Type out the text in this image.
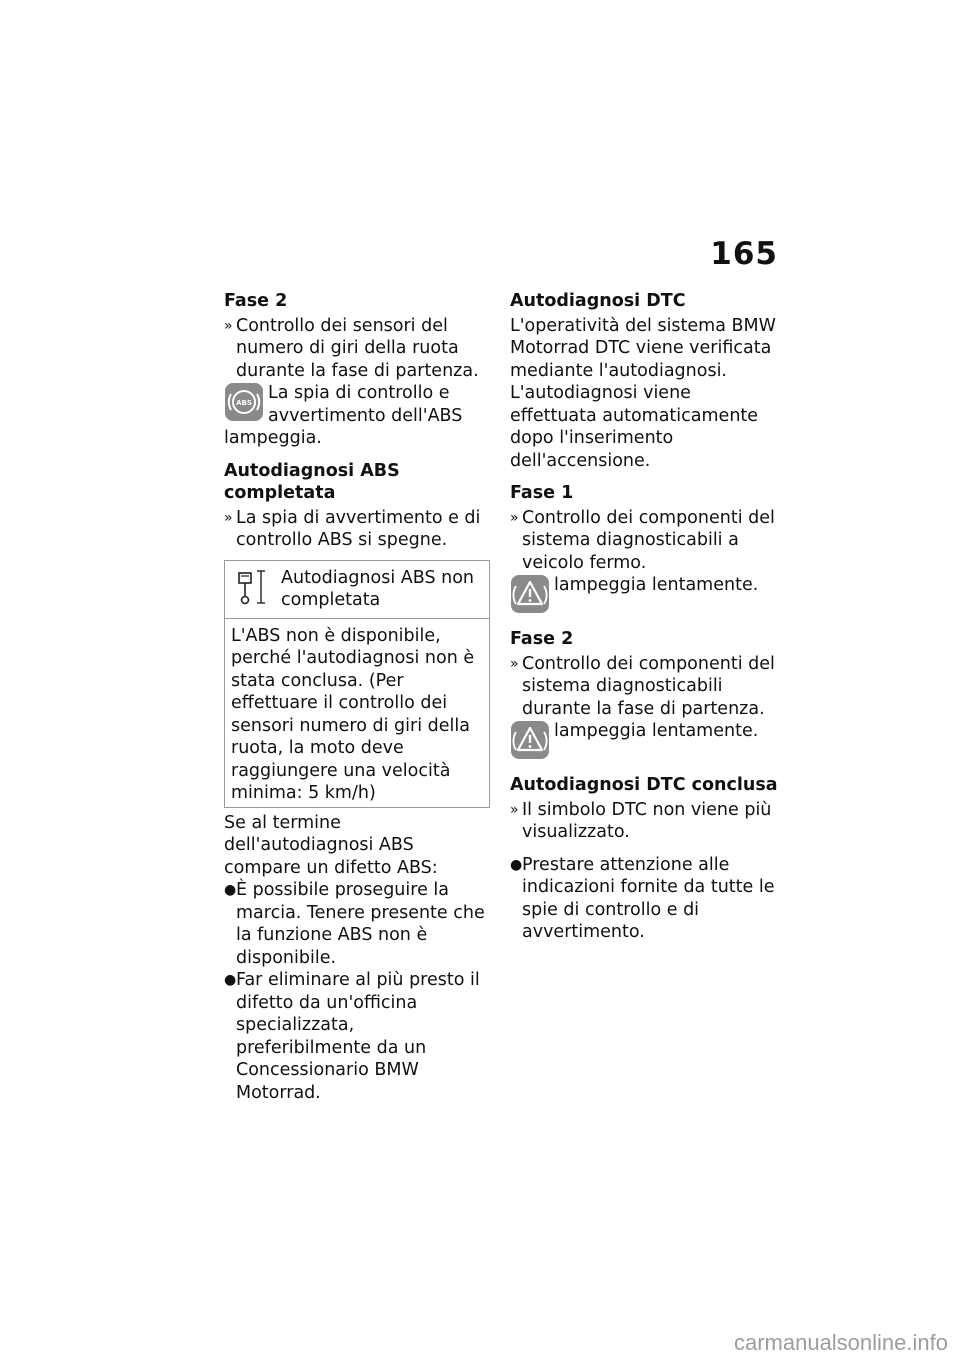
165
Fase 2
» Controllo dei sensori del numero di giri della ruota durante la fase di partenza.
ABS La spia di controllo e avvertimento dell'ABS lampeggia.
Autodiagnosi ABS completata
» La spia di avvertimento e di controllo ABS si spegne.
Autodiagnosi ABS non completata
L'ABS non è disponibile, perché l'autodiagnosi non è stata conclusa. (Per effettuare il controllo dei sensori numero di giri della ruota, la moto deve raggiungere una velocità minima: 5 km/h)
Se al termine dell'autodiagnosi ABS compare un difetto ABS:
● È possibile proseguire la marcia. Tenere presente che la funzione ABS non è disponibile.
● Far eliminare al più presto il difetto da un'officina specializzata, preferibilmente da un Concessionario BMW Motorrad.
Autodiagnosi DTC
L'operatività del sistema BMW Motorrad DTC viene verificata mediante l'autodiagnosi. L'autodiagnosi viene effettuata automaticamente dopo l'inserimento dell'accensione.
Fase 1
» Controllo dei componenti del sistema diagnosticabili a veicolo fermo.
lampeggia lentamente.
Fase 2
» Controllo dei componenti del sistema diagnosticabili durante la fase di partenza.
lampeggia lentamente.
Autodiagnosi DTC conclusa
» Il simbolo DTC non viene più visualizzato.
● Prestare attenzione alle indicazioni fornite da tutte le spie di controllo e di avvertimento.
carmanualsonline.info
